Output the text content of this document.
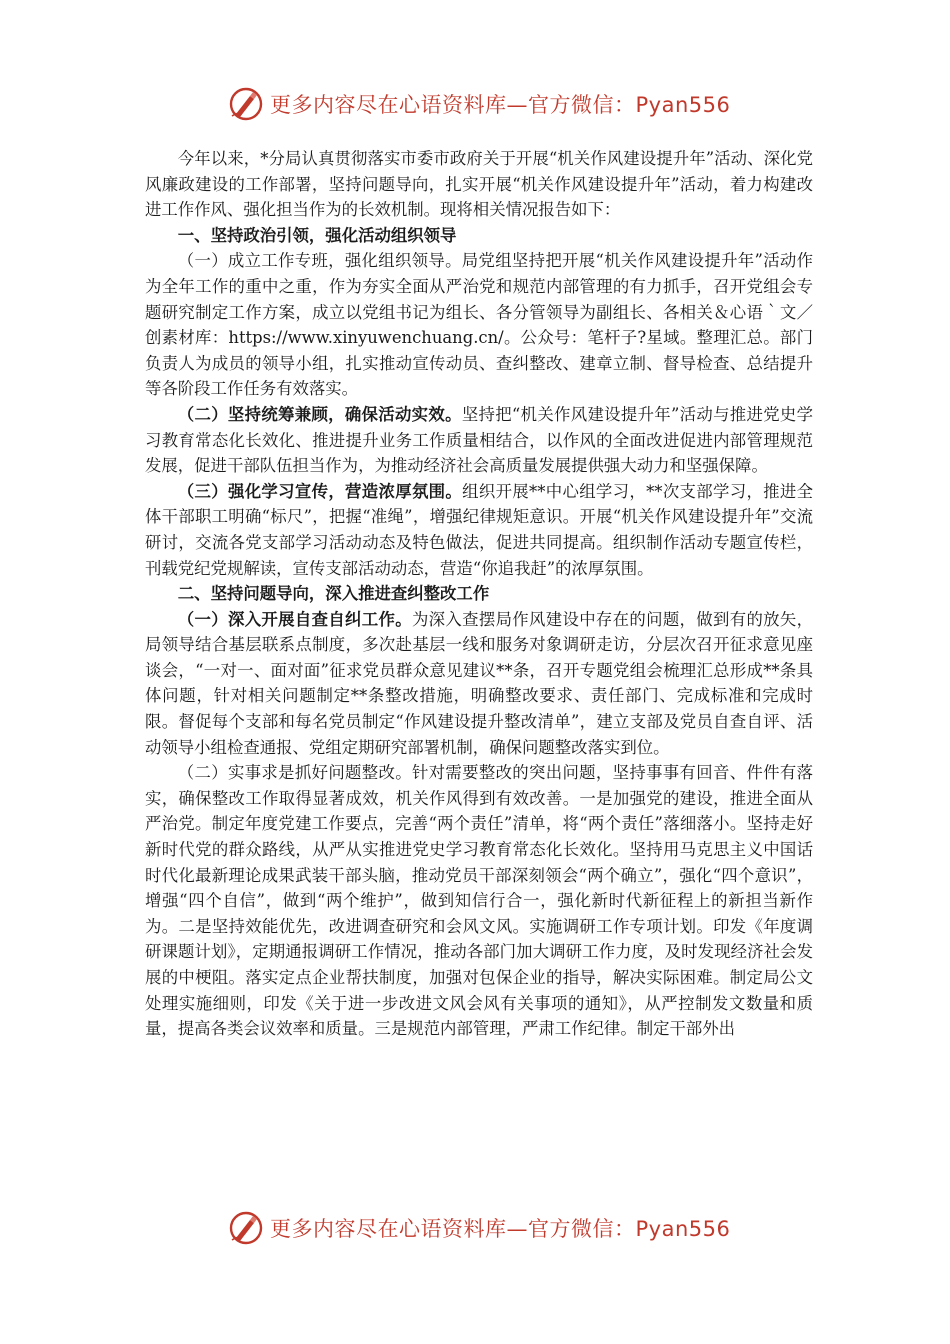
更多内容尽在心语资料库—官方微信：Pyan556

今年以来，*分局认真贯彻落实市委市政府关于开展“机关作风建设提升年”活动、深化党风廉政建设的工作部署，坚持问题导向，扎实开展“机关作风建设提升年”活动，着力构建改进工作作风、强化担当作为的长效机制。现将相关情况报告如下：

一、坚持政治引领，强化活动组织领导

（一）成立工作专班，强化组织领导。局党组坚持把开展“机关作风建设提升年”活动作为全年工作的重中之重，作为夯实全面从严治党和规范内部管理的有力抓手，召开党组会专题研究制定工作方案，成立以党组书记为组长、各分管领导为副组长、各相关＆心语｀文／创素材库：https://www.xinyuwenchuang.cn/。公众号：笔杆子?星域。整理汇总。部门负责人为成员的领导小组，扎实推动宣传动员、查纠整改、建章立制、督导检查、总结提升等各阶段工作任务有效落实。

（二）坚持统筹兼顾，确保活动实效。坚持把“机关作风建设提升年”活动与推进党史学习教育常态化长效化、推进提升业务工作质量相结合，以作风的全面改进促进内部管理规范发展，促进干部队伍担当作为，为推动经济社会高质量发展提供强大动力和坚强保障。

（三）强化学习宣传，营造浓厚氛围。组织开展**中心组学习，**次支部学习，推进全体干部职工明确“标尺”，把握“准绳”，增强纪律规矩意识。开展“机关作风建设提升年”交流研讨，交流各党支部学习活动动态及特色做法，促进共同提高。组织制作活动专题宣传栏，刊载党纪党规解读，宣传支部活动动态，营造“你追我赶”的浓厚氛围。

二、坚持问题导向，深入推进查纠整改工作

（一）深入开展自查自纠工作。为深入查摆局作风建设中存在的问题，做到有的放矢，局领导结合基层联系点制度，多次赴基层一线和服务对象调研走访，分层次召开征求意见座谈会，“一对一、面对面”征求党员群众意见建议**条，召开专题党组会梳理汇总形成**条具体问题，针对相关问题制定**条整改措施，明确整改要求、责任部门、完成标准和完成时限。督促每个支部和每名党员制定“作风建设提升整改清单”，建立支部及党员自查自评、活动领导小组检查通报、党组定期研究部署机制，确保问题整改落实到位。

（二）实事求是抓好问题整改。针对需要整改的突出问题，坚持事事有回音、件件有落实，确保整改工作取得显著成效，机关作风得到有效改善。一是加强党的建设，推进全面从严治党。制定年度党建工作要点，完善“两个责任”清单，将“两个责任”落细落小。坚持走好新时代党的群众路线，从严从实推进党史学习教育常态化长效化。坚持用马克思主义中国话时代化最新理论成果武装干部头脑，推动党员干部深刻领会“两个确立”，强化“四个意识”，增强“四个自信”，做到“两个维护”，做到知信行合一，强化新时代新征程上的新担当新作为。二是坚持效能优先，改进调查研究和会风文风。实施调研工作专项计划。印发《年度调研课题计划》，定期通报调研工作情况，推动各部门加大调研工作力度，及时发现经济社会发展的中梗阻。落实定点企业帮扶制度，加强对包保企业的指导，解决实际困难。制定局公文处理实施细则，印发《关于进一步改进文风会风有关事项的通知》，从严控制发文数量和质量，提高各类会议效率和质量。三是规范内部管理，严肃工作纪律。制定干部外出

更多内容尽在心语资料库—官方微信：Pyan556
